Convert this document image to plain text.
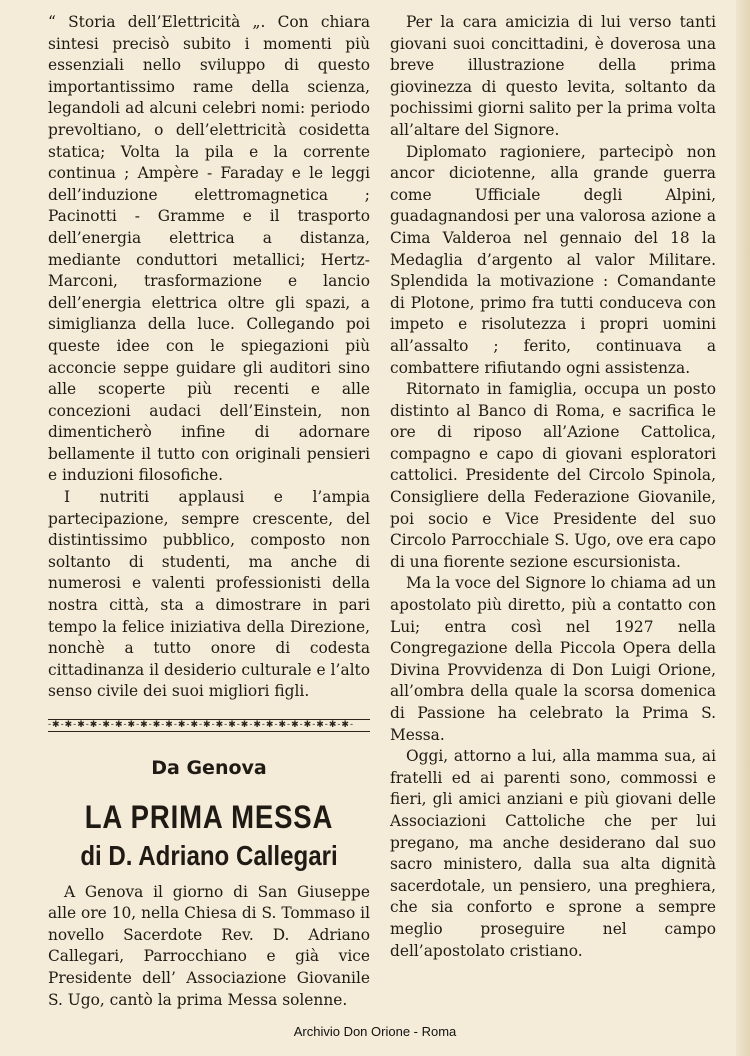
“ Storia dell’Elettricità „. Con chiara sintesi precisò subito i momenti più essenziali nello sviluppo di questo importantissimo rame della scienza, legandoli ad alcuni celebri nomi: periodo prevoltiano, o dell’elettricità cosidetta statica; Volta la pila e la corrente continua ; Ampère - Faraday e le leggi dell’induzione elettromagnetica ; Pacinotti - Gramme e il trasporto dell’energia elettrica a distanza, mediante conduttori metallici; Hertz-Marconi, trasformazione e lancio dell’energia elettrica oltre gli spazi, a simiglianza della luce. Collegando poi queste idee con le spiegazioni più acconcie seppe guidare gli auditori sino alle scoperte più recenti e alle concezioni audaci dell’Einstein, non dimenticherò infine di adornare bellamente il tutto con originali pensieri e induzioni filosofiche.

I nutriti applausi e l’ampia partecipazione, sempre crescente, del distintissimo pubblico, composto non soltanto di studenti, ma anche di numerosi e valenti professionisti della nostra città, sta a dimostrare in pari tempo la felice iniziativa della Direzione, nonchè a tutto onore di codesta cittadinanza il desiderio culturale e l’alto senso civile dei suoi migliori figli.

-✱-✱-✱-✱-✱-✱-✱-✱-✱-✱-✱-✱-✱-✱-✱-✱-✱-✱-✱-✱-✱-✱-✱-✱-
Da Genova
LA PRIMA MESSA
di D. Adriano Callegari

A Genova il giorno di San Giuseppe alle ore 10, nella Chiesa di S. Tommaso il novello Sacerdote Rev. D. Adriano Callegari, Parrocchiano e già vice Presidente dell’ Associazione Giovanile S. Ugo, cantò la prima Messa solenne.

Per la cara amicizia di lui verso tanti giovani suoi concittadini, è doverosa una breve illustrazione della prima giovinezza di questo levita, soltanto da pochissimi giorni salito per la prima volta all’altare del Signore.

Diplomato ragioniere, partecipò non ancor diciotenne, alla grande guerra come Ufficiale degli Alpini, guadagnandosi per una valorosa azione a Cima Valderoa nel gennaio del 18 la Medaglia d’argento al valor Militare. Splendida la motivazione : Comandante di Plotone, primo fra tutti conduceva con impeto e risolutezza i propri uomini all’assalto ; ferito, continuava a combattere rifiutando ogni assistenza.

Ritornato in famiglia, occupa un posto distinto al Banco di Roma, e sacrifica le ore di riposo all’Azione Cattolica, compagno e capo di giovani esploratori cattolici. Presidente del Circolo Spinola, Consigliere della Federazione Giovanile, poi socio e Vice Presidente del suo Circolo Parrocchiale S. Ugo, ove era capo di una fiorente sezione escursionista.

Ma la voce del Signore lo chiama ad un apostolato più diretto, più a contatto con Lui; entra così nel 1927 nella Congregazione della Piccola Opera della Divina Provvidenza di Don Luigi Orione, all’ombra della quale la scorsa domenica di Passione ha celebrato la Prima S. Messa.

Oggi, attorno a lui, alla mamma sua, ai fratelli ed ai parenti sono, commossi e fieri, gli amici anziani e più giovani delle Associazioni Cattoliche che per lui pregano, ma anche desiderano dal suo sacro ministero, dalla sua alta dignità sacerdotale, un pensiero, una preghiera, che sia conforto e sprone a sempre meglio proseguire nel campo dell’apostolato cristiano.

Archivio Don Orione - Roma
